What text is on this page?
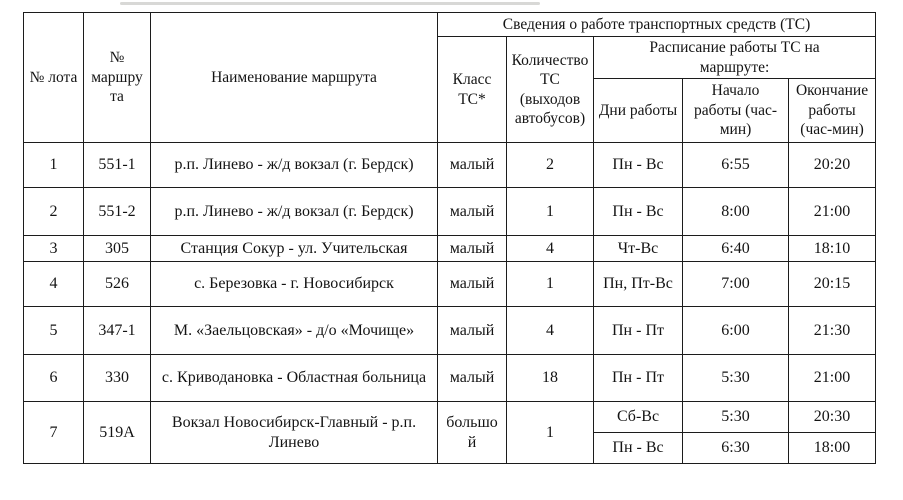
№ лота	№ маршрута	Наименование маршрута	Сведения о работе транспортных средств (ТС)				
			Класс ТС*	Количество ТС (выходов автобусов)	Расписание работы ТС на маршруте:		
					Дни работы	Начало работы (час-мин)	Окончание работы (час-мин)
1	551-1	р.п. Линево - ж/д вокзал (г. Бердск)	малый	2	Пн - Вс	6:55	20:20
2	551-2	р.п. Линево - ж/д вокзал (г. Бердск)	малый	1	Пн - Вс	8:00	21:00
3	305	Станция Сокур - ул. Учительская	малый	4	Чт-Вс	6:40	18:10
4	526	с. Березовка - г. Новосибирск	малый	1	Пн, Пт-Вс	7:00	20:15
5	347-1	М. «Заельцовская» - д/о «Мочище»	малый	4	Пн - Пт	6:00	21:30
6	330	с. Криводановка - Областная больница	малый	18	Пн - Пт	5:30	21:00
7	519А	Вокзал Новосибирск-Главный - р.п. Линево	большой	1	Сб-Вс	5:30	20:30
					Пн - Вс	6:30	18:00
